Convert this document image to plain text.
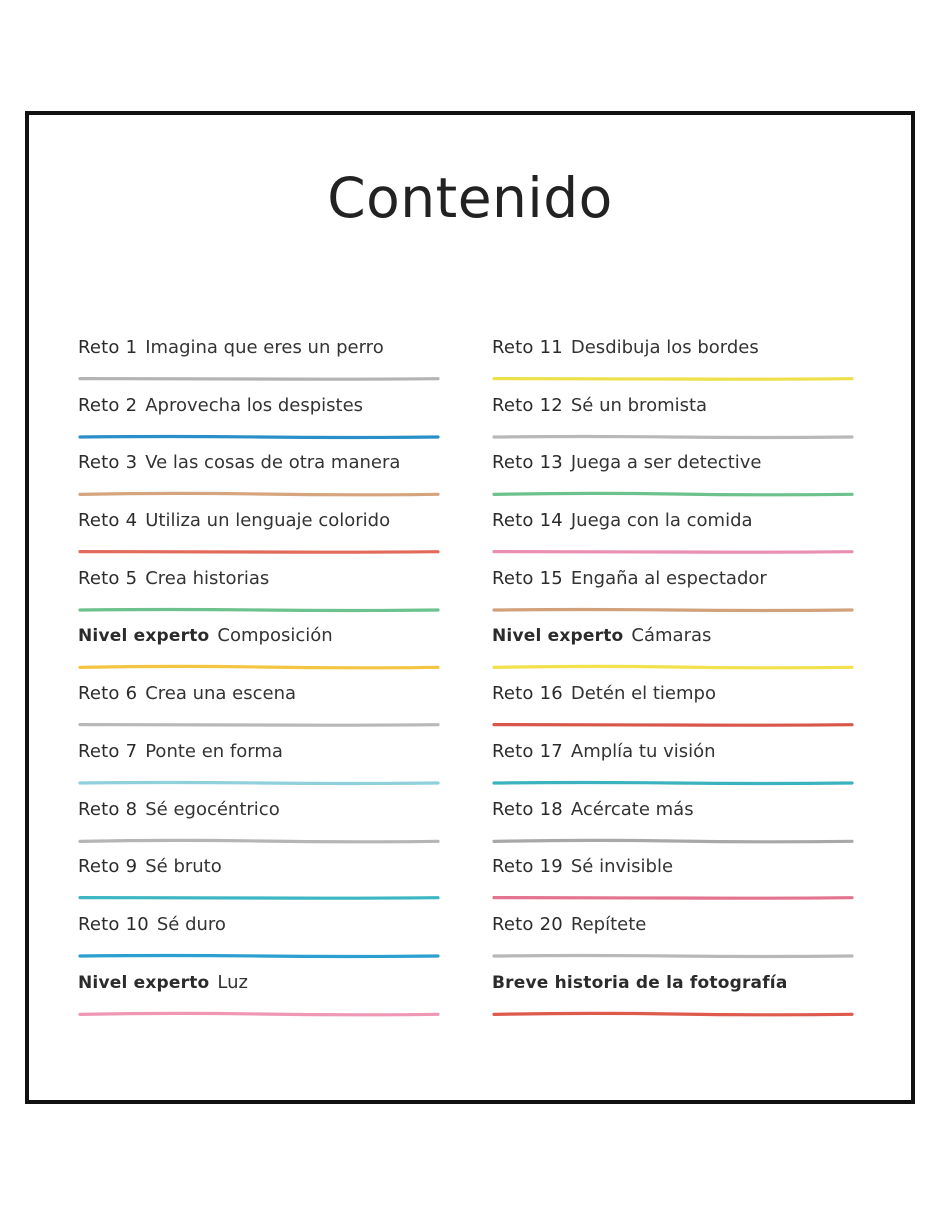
Contenido
Reto 1 Imagina que eres un perro
Reto 2 Aprovecha los despistes
Reto 3 Ve las cosas de otra manera
Reto 4 Utiliza un lenguaje colorido
Reto 5 Crea historias
Nivel experto Composición
Reto 6 Crea una escena
Reto 7 Ponte en forma
Reto 8 Sé egocéntrico
Reto 9 Sé bruto
Reto 10 Sé duro
Nivel experto Luz
Reto 11 Desdibuja los bordes
Reto 12 Sé un bromista
Reto 13 Juega a ser detective
Reto 14 Juega con la comida
Reto 15 Engaña al espectador
Nivel experto Cámaras
Reto 16 Detén el tiempo
Reto 17 Amplía tu visión
Reto 18 Acércate más
Reto 19 Sé invisible
Reto 20 Repítete
Breve historia de la fotografía
